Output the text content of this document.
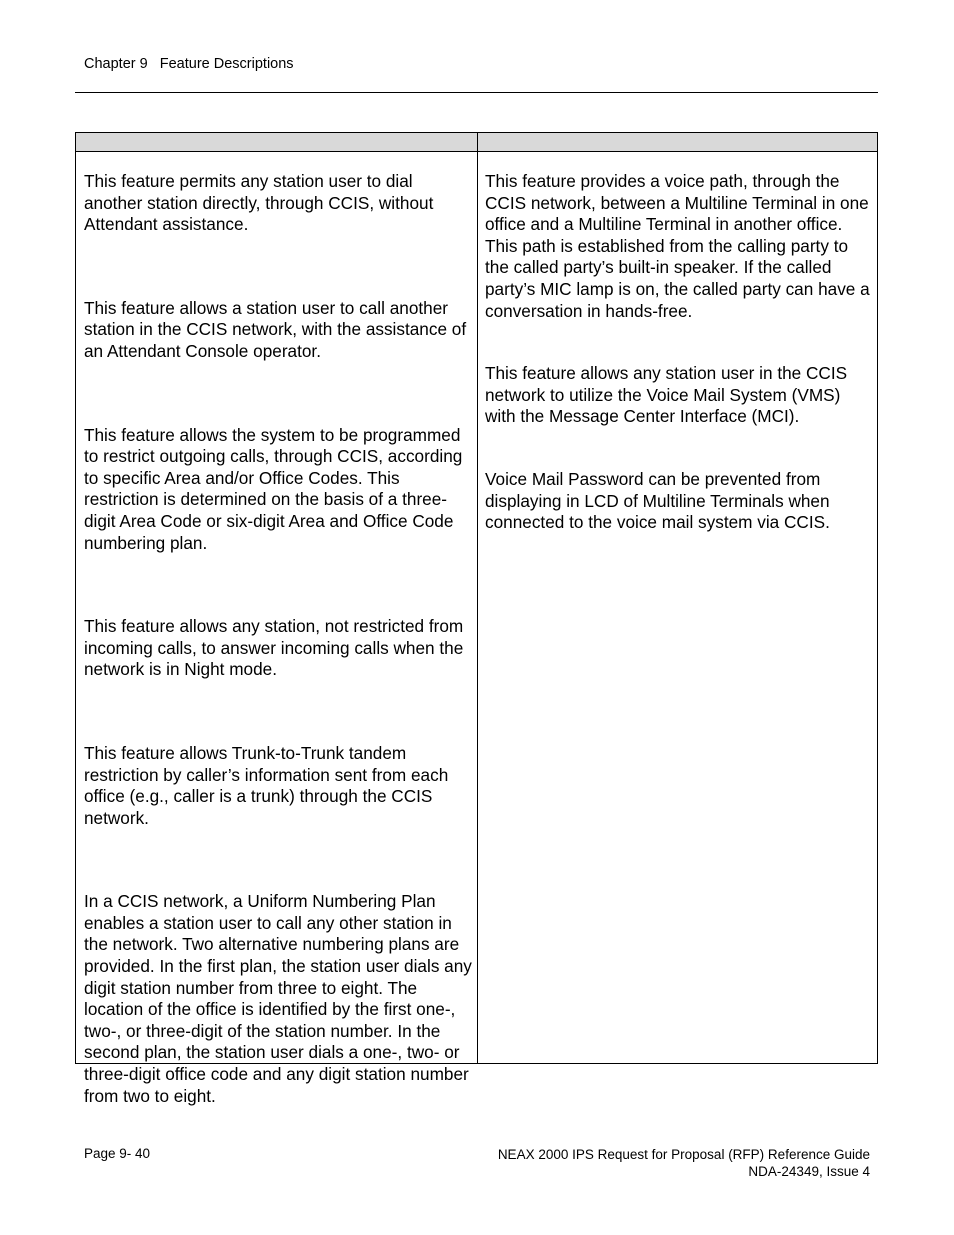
Chapter 9   Feature Descriptions

This feature permits any station user to dial another station directly, through CCIS, without Attendant assistance.

This feature allows a station user to call another station in the CCIS network, with the assistance of an Attendant Console operator.

This feature allows the system to be programmed to restrict outgoing calls, through CCIS, according to specific Area and/or Office Codes. This restriction is determined on the basis of a three-digit Area Code or six-digit Area and Office Code numbering plan.

This feature allows any station, not restricted from incoming calls, to answer incoming calls when the network is in Night mode.

This feature allows Trunk-to-Trunk tandem restriction by caller’s information sent from each office (e.g., caller is a trunk) through the CCIS network.

In a CCIS network, a Uniform Numbering Plan enables a station user to call any other station in the network. Two alternative numbering plans are provided. In the first plan, the station user dials any digit station number from three to eight. The location of the office is identified by the first one-, two-, or three-digit of the station number. In the second plan, the station user dials a one-, two- or three-digit office code and any digit station number from two to eight.

This feature provides a voice path, through the CCIS network, between a Multiline Terminal in one office and a Multiline Terminal in another office. This path is established from the calling party to the called party’s built-in speaker. If the called party’s MIC lamp is on, the called party can have a conversation in hands-free.

This feature allows any station user in the CCIS network to utilize the Voice Mail System (VMS) with the Message Center Interface (MCI).

Voice Mail Password can be prevented from displaying in LCD of Multiline Terminals when connected to the voice mail system via CCIS.

Page 9- 40	NEAX 2000 IPS Request for Proposal (RFP) Reference Guide
NDA-24349, Issue 4
